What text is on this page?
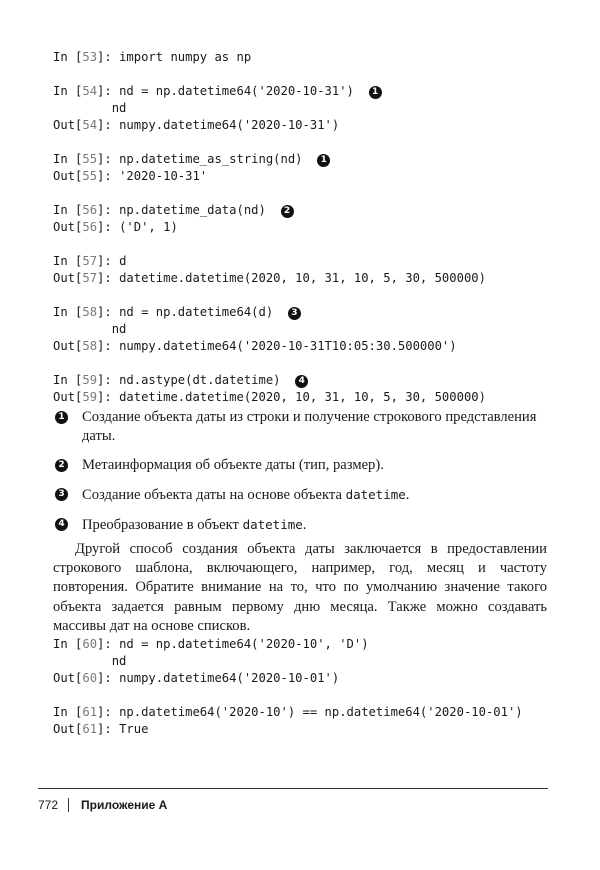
In [53]: import numpy as np
In [54]: nd = np.datetime64('2020-10-31') 1
nd
Out[54]: numpy.datetime64('2020-10-31')
In [55]: np.datetime_as_string(nd) 1
Out[55]: '2020-10-31'
In [56]: np.datetime_data(nd) 2
Out[56]: ('D', 1)
In [57]: d
Out[57]: datetime.datetime(2020, 10, 31, 10, 5, 30, 500000)
In [58]: nd = np.datetime64(d) 3
nd
Out[58]: numpy.datetime64('2020-10-31T10:05:30.500000')
In [59]: nd.astype(dt.datetime) 4
Out[59]: datetime.datetime(2020, 10, 31, 10, 5, 30, 500000)
1 Создание объекта даты из строки и получение строкового представления даты.
2 Метаинформация об объекте даты (тип, размер).
3 Создание объекта даты на основе объекта datetime.
4 Преобразование в объект datetime.
Другой способ создания объекта даты заключается в предоставлении строкового шаблона, включающего, например, год, месяц и частоту повторения. Обратите внимание на то, что по умолчанию значение такого объекта задается равным первому дню месяца. Также можно создавать массивы дат на основе списков.
In [60]: nd = np.datetime64('2020-10', 'D')
nd
Out[60]: numpy.datetime64('2020-10-01')
In [61]: np.datetime64('2020-10') == np.datetime64('2020-10-01')
Out[61]: True
772 Приложение A
